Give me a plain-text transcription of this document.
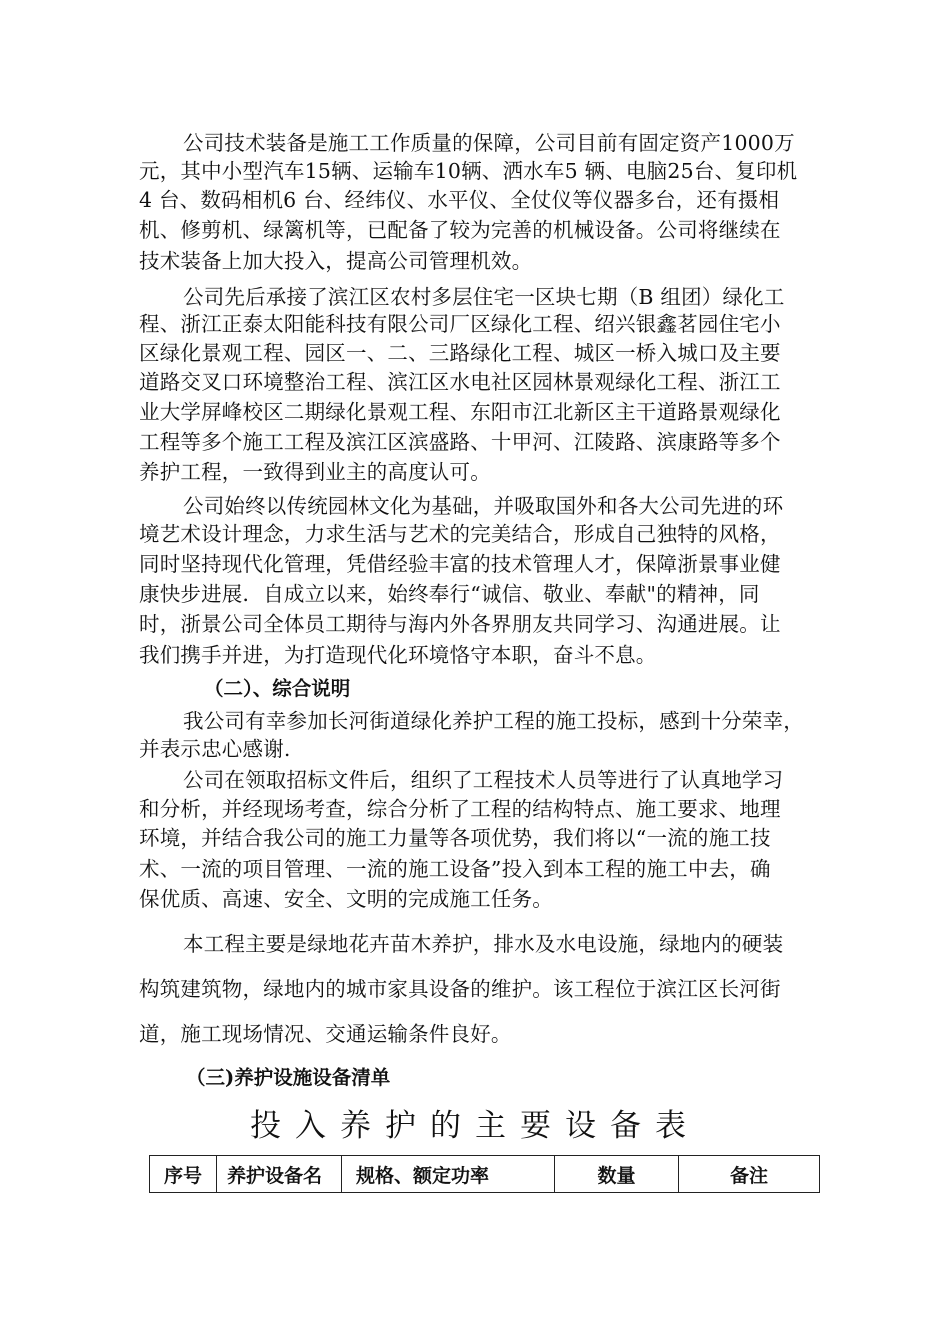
公司技术装备是施工工作质量的保障，公司目前有固定资产1000万
元，其中小型汽车15辆、运输车10辆、洒水车5 辆、电脑25台、复印机
4 台、数码相机6 台、经纬仪、水平仪、全仗仪等仪器多台，还有摄相
机、修剪机、绿篱机等，已配备了较为完善的机械设备。公司将继续在
技术装备上加大投入，提高公司管理机效。
公司先后承接了滨江区农村多层住宅一区块七期（B 组团）绿化工
程、浙江正泰太阳能科技有限公司厂区绿化工程、绍兴银鑫茗园住宅小
区绿化景观工程、园区一、二、三路绿化工程、城区一桥入城口及主要
道路交叉口环境整治工程、滨江区水电社区园林景观绿化工程、浙江工
业大学屏峰校区二期绿化景观工程、东阳市江北新区主干道路景观绿化
工程等多个施工工程及滨江区滨盛路、十甲河、江陵路、滨康路等多个
养护工程，一致得到业主的高度认可。
公司始终以传统园林文化为基础，并吸取国外和各大公司先进的环
境艺术设计理念，力求生活与艺术的完美结合，形成自己独特的风格，
同时坚持现代化管理，凭借经验丰富的技术管理人才，保障浙景事业健
康快步进展．自成立以来，始终奉行“诚信、敬业、奉献"的精神，同
时，浙景公司全体员工期待与海内外各界朋友共同学习、沟通进展。让
我们携手并进，为打造现代化环境恪守本职，奋斗不息。
（二）、综合说明
我公司有幸参加长河街道绿化养护工程的施工投标，感到十分荣幸，
并表示忠心感谢.
公司在领取招标文件后，组织了工程技术人员等进行了认真地学习
和分析，并经现场考查，综合分析了工程的结构特点、施工要求、地理
环境，并结合我公司的施工力量等各项优势，我们将以“一流的施工技
术、一流的项目管理、一流的施工设备”投入到本工程的施工中去，确
保优质、高速、安全、文明的完成施工任务。
本工程主要是绿地花卉苗木养护，排水及水电设施，绿地内的硬装
构筑建筑物，绿地内的城市家具设备的维护。该工程位于滨江区长河街
道，施工现场情况、交通运输条件良好。
（三)养护设施设备清单
投入养护的主要设备表
序号	养护设备名	规格、额定功率	数量	备注
